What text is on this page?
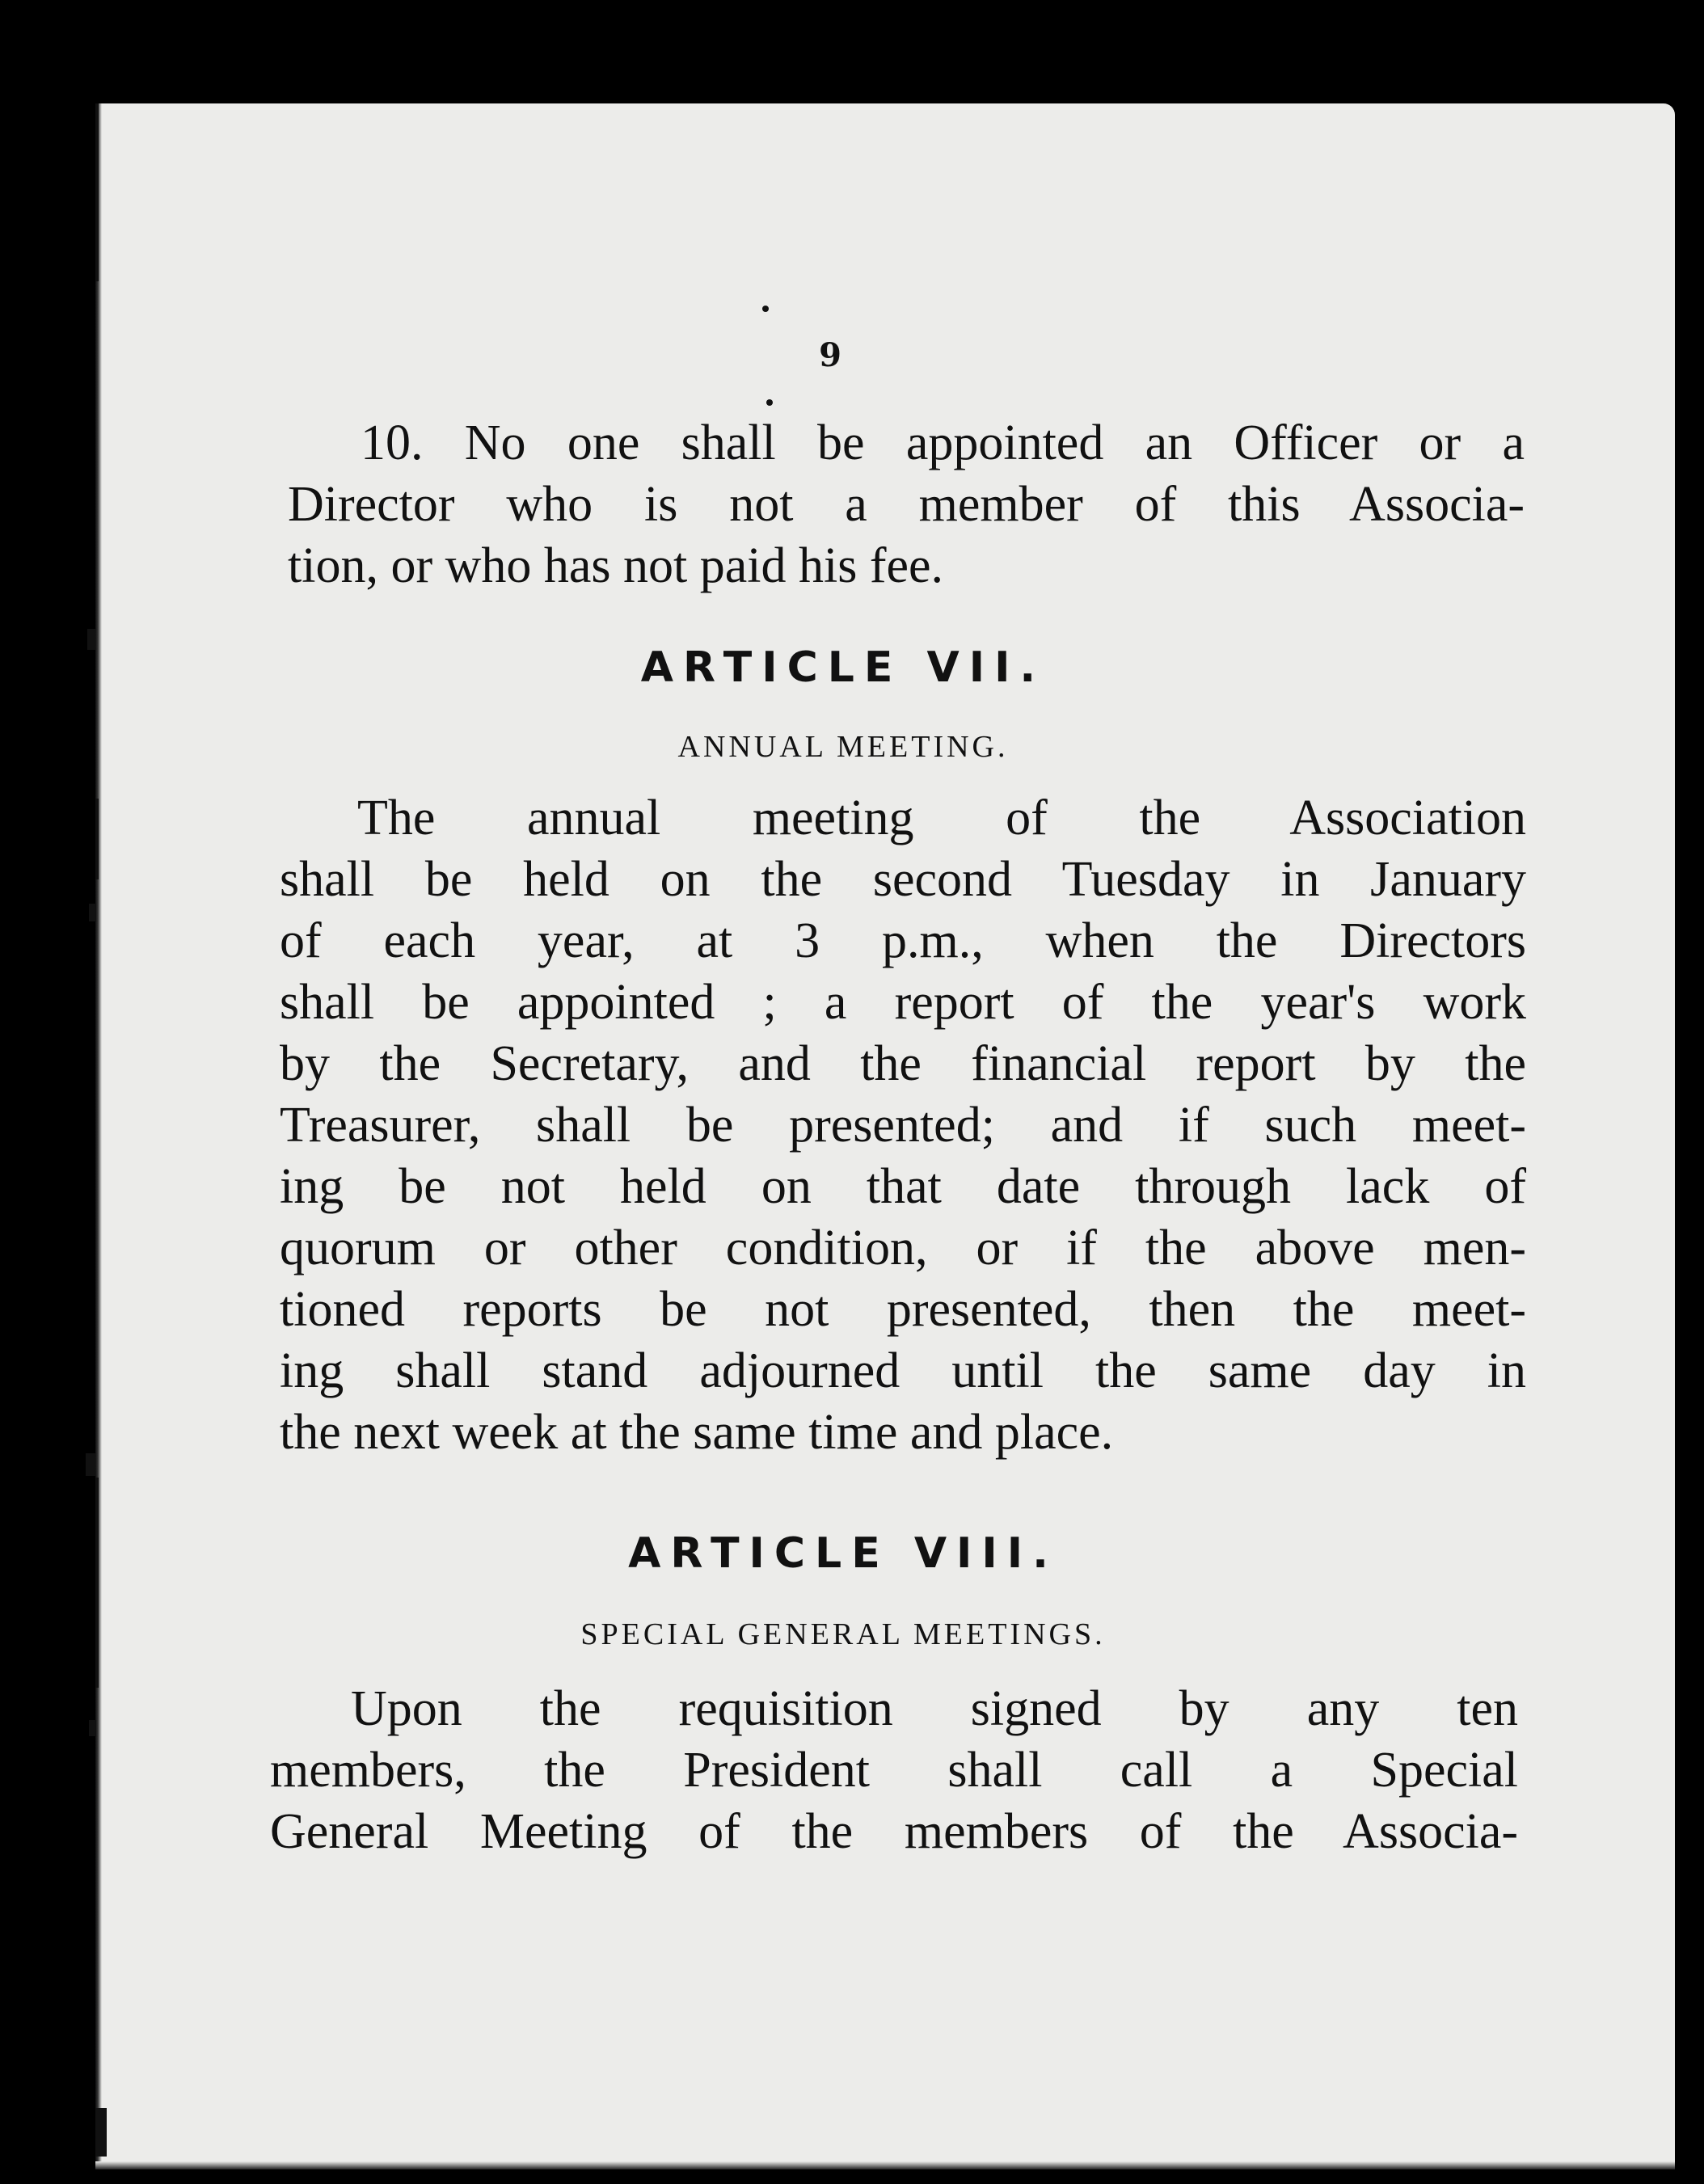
9
10. No one shall be appointed an Officer or a
Director who is not a member of this Associa-
tion, or who has not paid his fee.
ARTICLE VII.
ANNUAL MEETING.
The annual meeting of the Association
shall be held on the second Tuesday in January
of each year, at 3 p.m., when the Directors
shall be appointed ; a report of the year's work
by the Secretary, and the financial report by the
Treasurer, shall be presented; and if such meet-
ing be not held on that date through lack of
quorum or other condition, or if the above men-
tioned reports be not presented, then the meet-
ing shall stand adjourned until the same day in
the next week at the same time and place.
ARTICLE VIII.
SPECIAL GENERAL MEETINGS.
Upon the requisition signed by any ten
members, the President shall call a Special
General Meeting of the members of the Associa-
